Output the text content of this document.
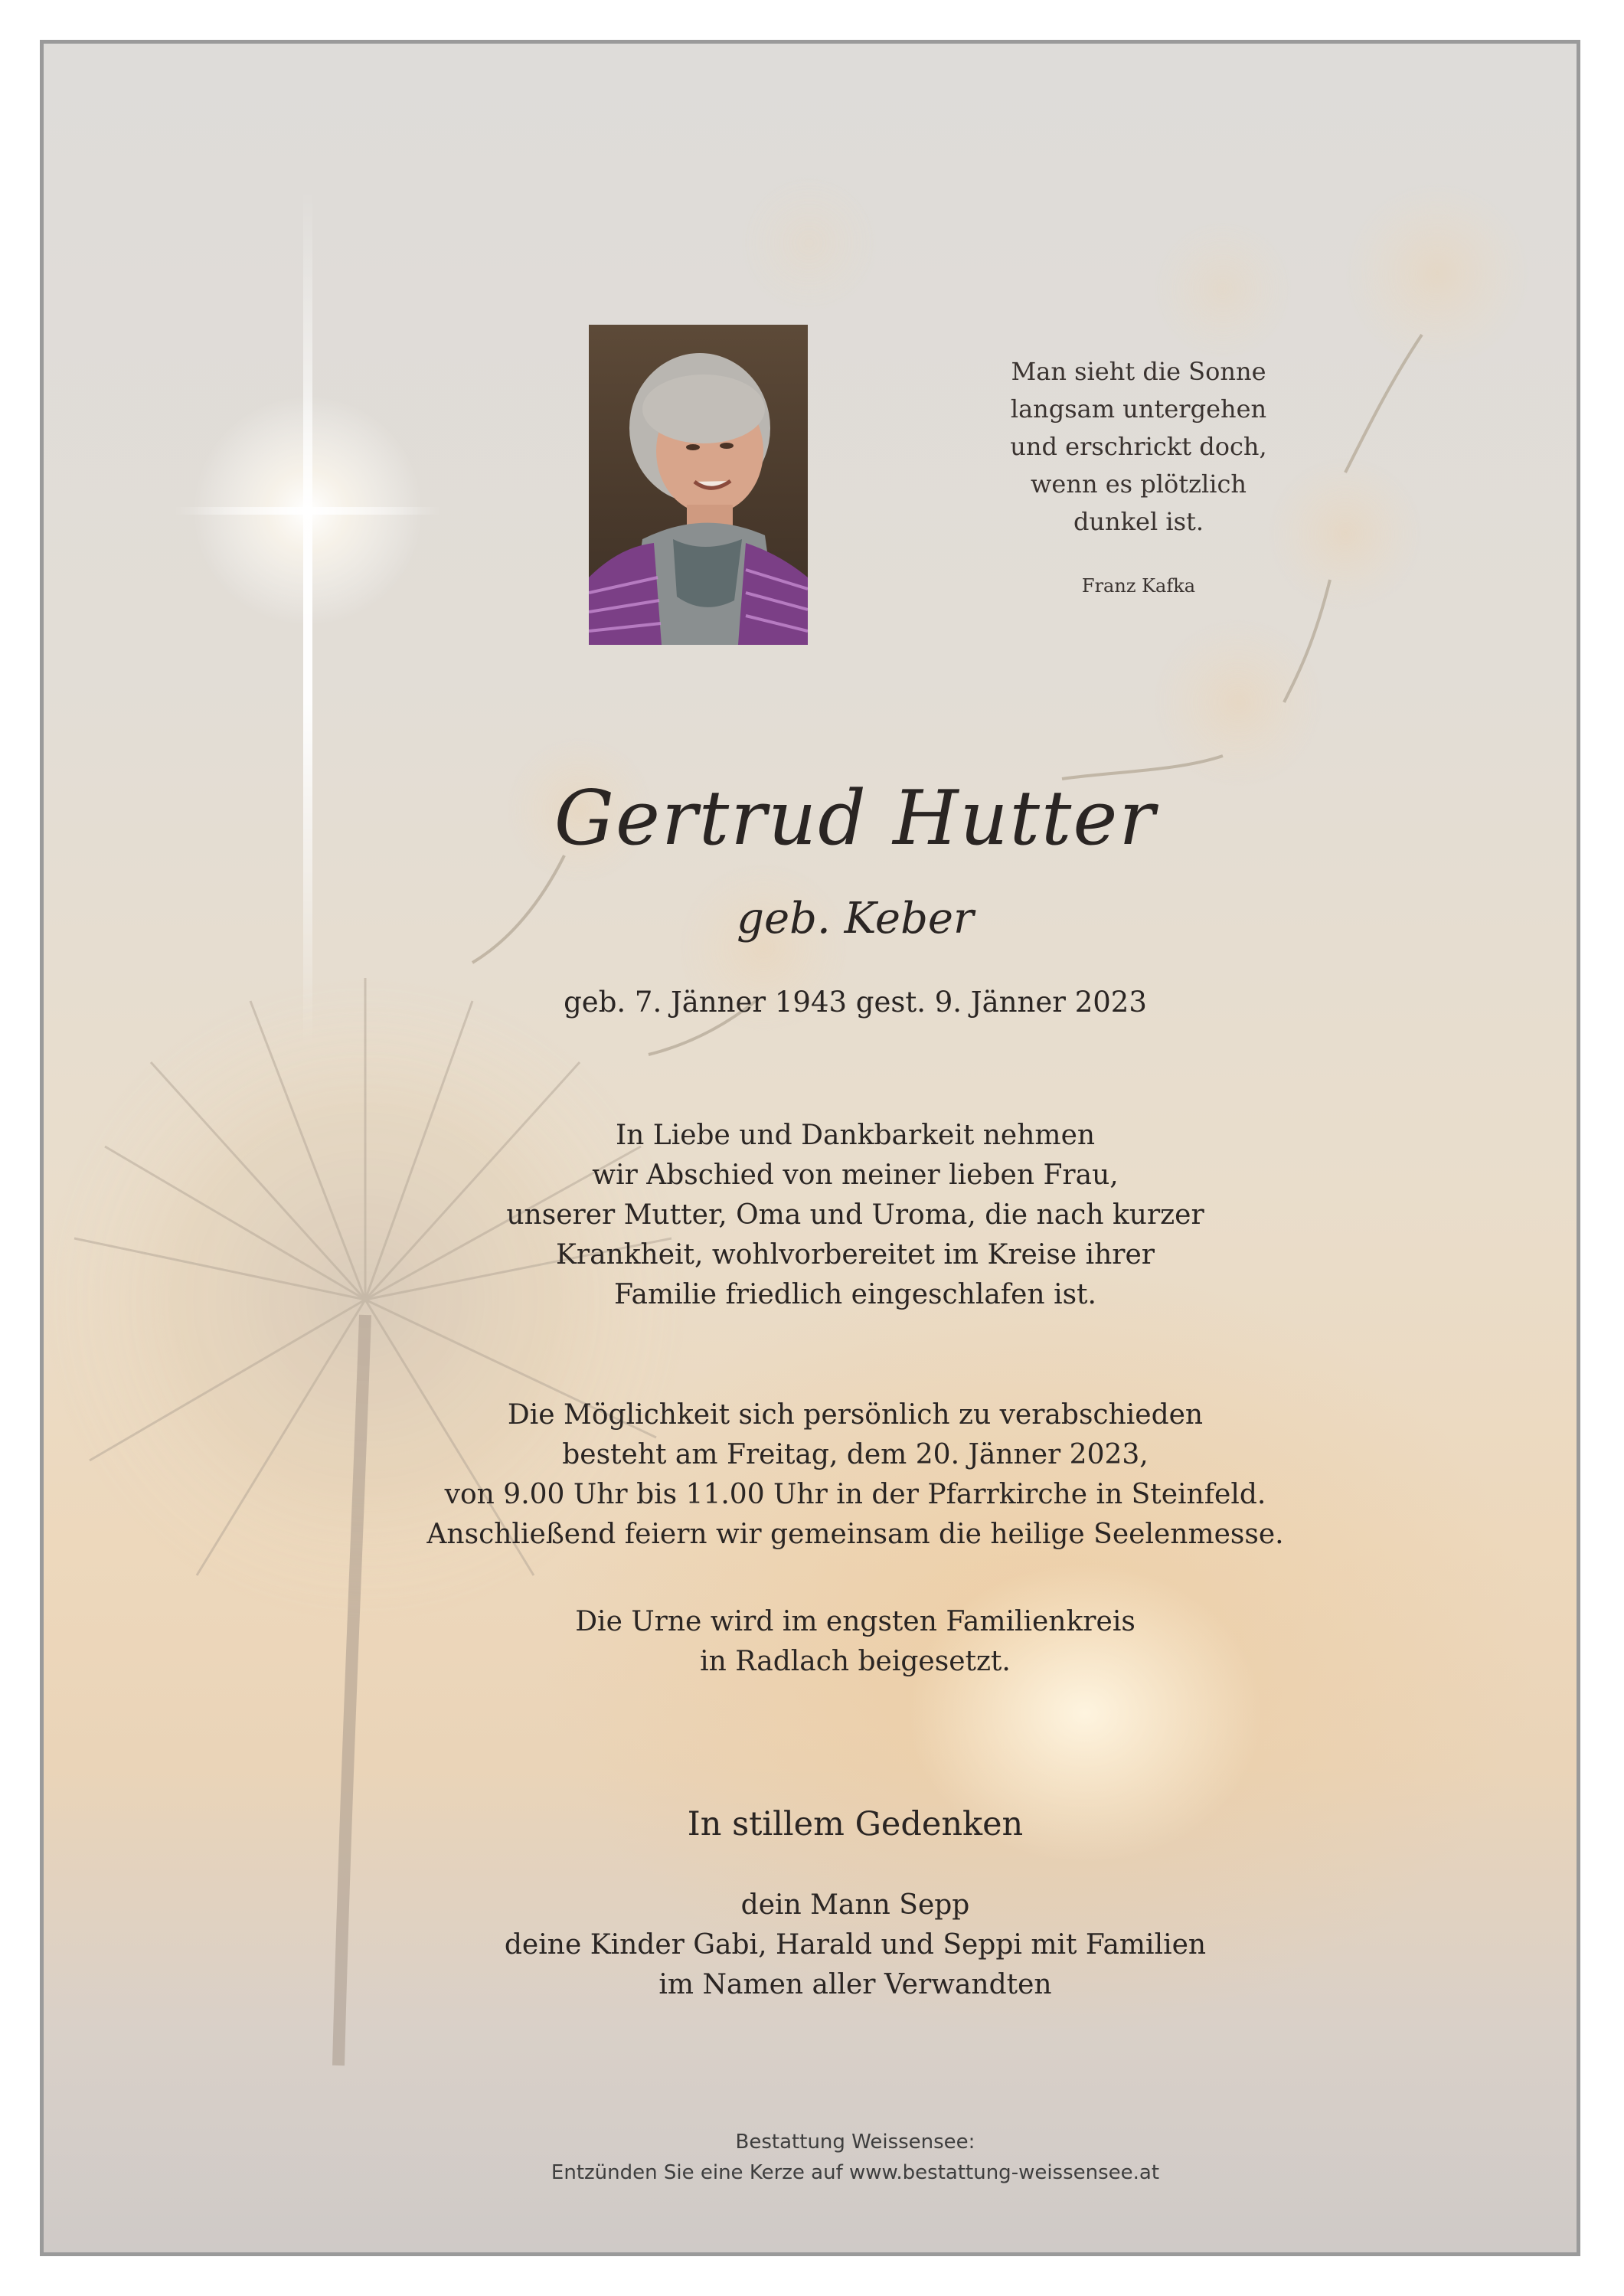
Man sieht die Sonne
langsam untergehen
und erschrickt doch,
wenn es plötzlich
dunkel ist.
Franz Kafka
Gertrud Hutter
geb. Keber
geb. 7. Jänner 1943 gest. 9. Jänner 2023
In Liebe und Dankbarkeit nehmen
wir Abschied von meiner lieben Frau,
unserer Mutter, Oma und Uroma, die nach kurzer
Krankheit, wohlvorbereitet im Kreise ihrer
Familie friedlich eingeschlafen ist.
Die Möglichkeit sich persönlich zu verabschieden
besteht am Freitag, dem 20. Jänner 2023,
von 9.00 Uhr bis 11.00 Uhr in der Pfarrkirche in Steinfeld.
Anschließend feiern wir gemeinsam die heilige Seelenmesse.
Die Urne wird im engsten Familienkreis
in Radlach beigesetzt.
In stillem Gedenken
dein Mann Sepp
deine Kinder Gabi, Harald und Seppi mit Familien
im Namen aller Verwandten
Bestattung Weissensee:
Entzünden Sie eine Kerze auf www.bestattung-weissensee.at
